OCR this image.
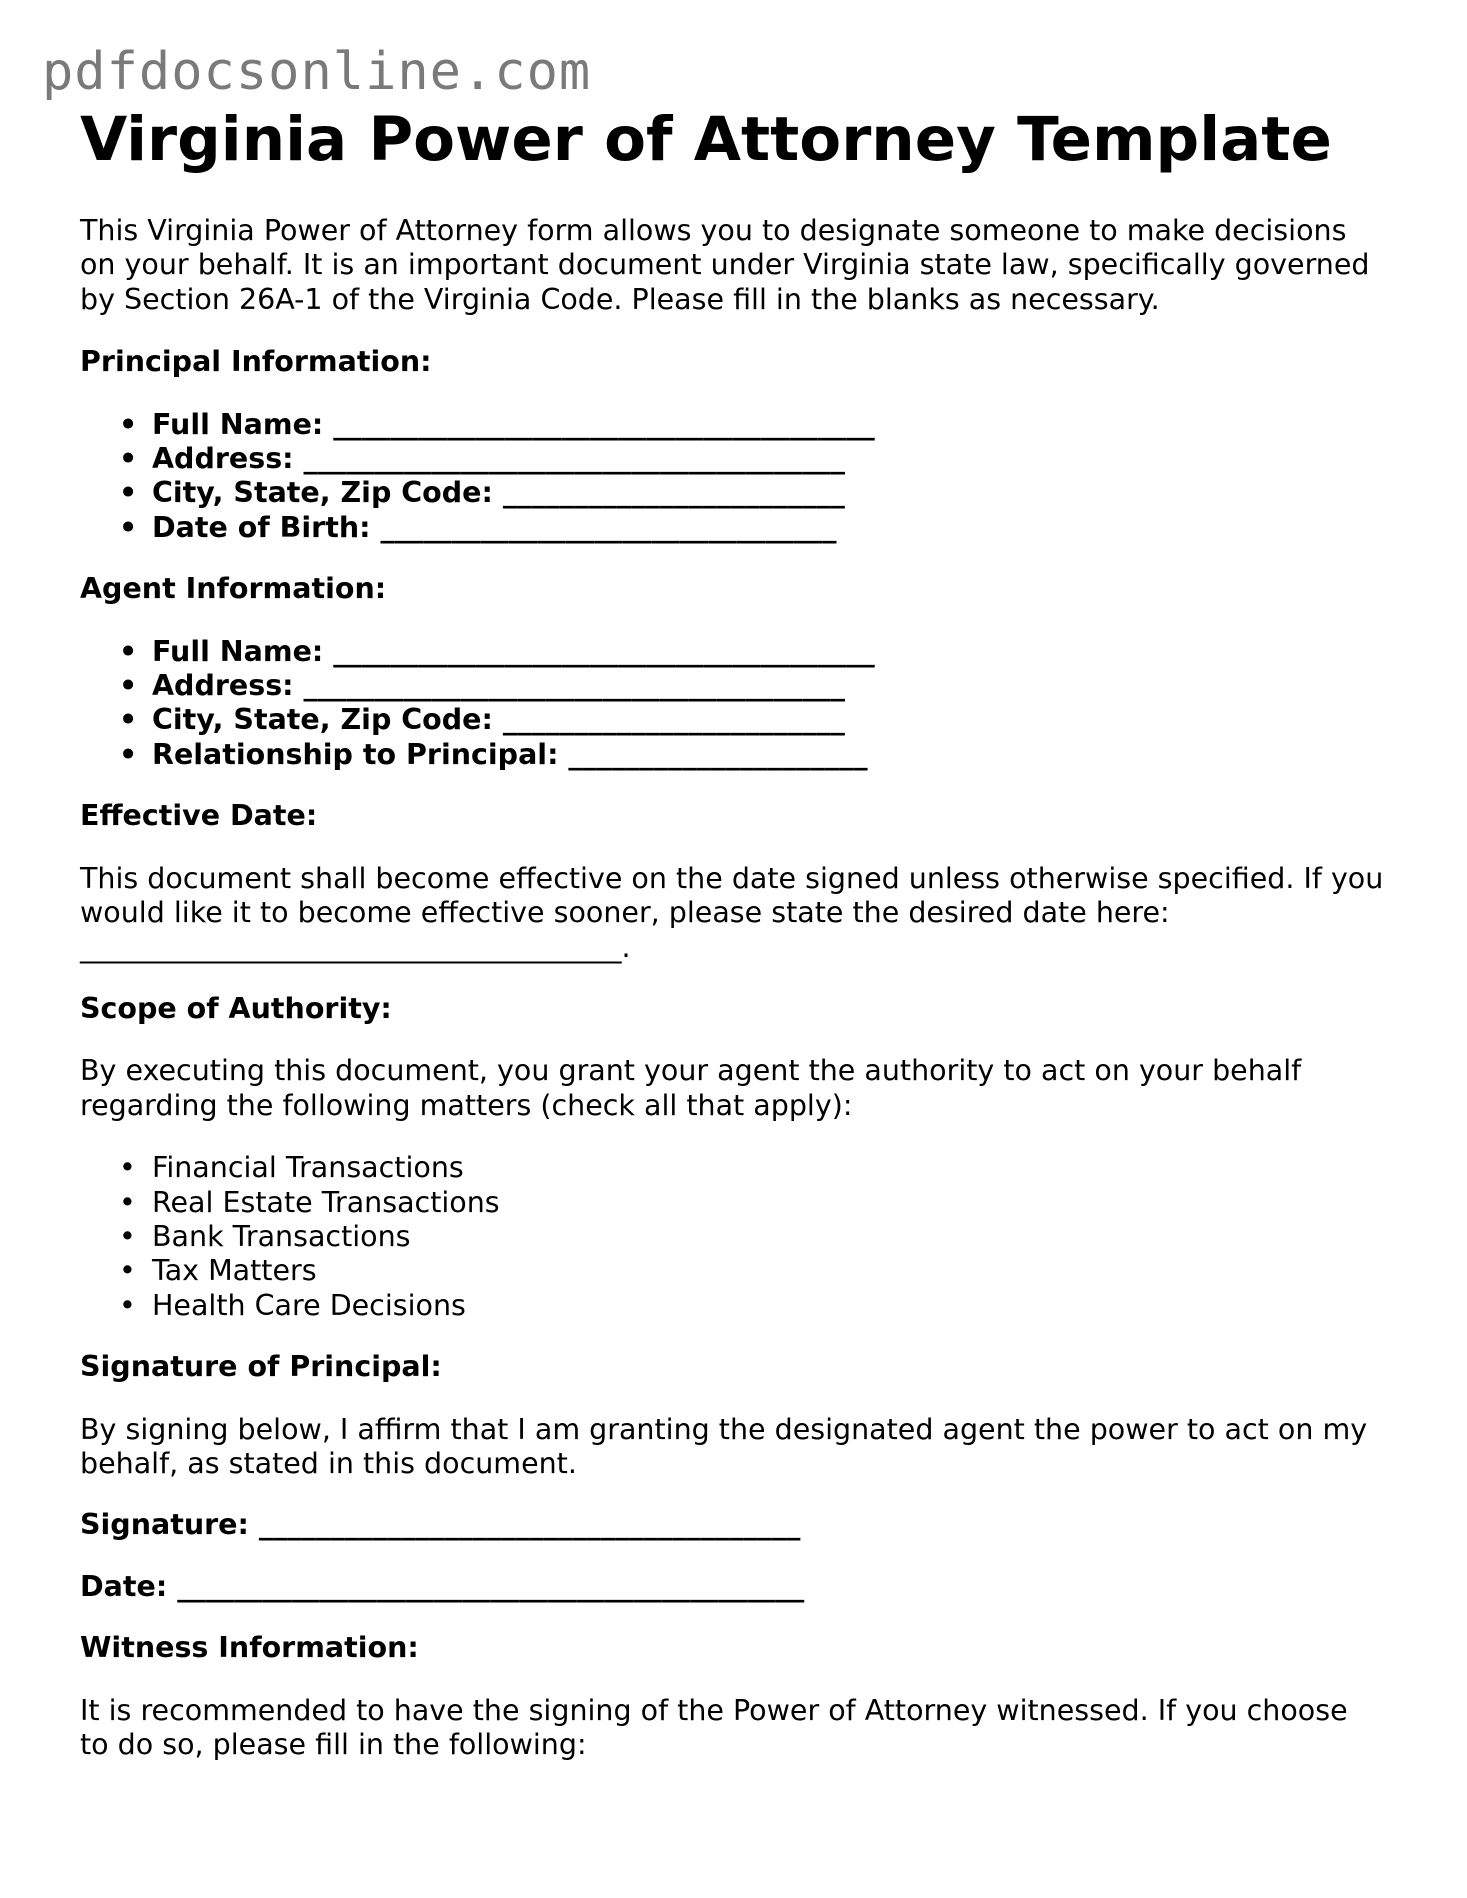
pdfdocsonline.com
Virginia Power of Attorney Template

This Virginia Power of Attorney form allows you to designate someone to make decisions
on your behalf. It is an important document under Virginia state law, specifically governed
by Section 26A-1 of the Virginia Code. Please fill in the blanks as necessary.

Principal Information:
• Full Name: ______________________________________
• Address: ______________________________________
• City, State, Zip Code: ________________________
• Date of Birth: ________________________________
Agent Information:
• Full Name: ______________________________________
• Address: ______________________________________
• City, State, Zip Code: ________________________
• Relationship to Principal: _____________________
Effective Date:

This document shall become effective on the date signed unless otherwise specified. If you
would like it to become effective sooner, please state the desired date here:
______________________________________.

Scope of Authority:

By executing this document, you grant your agent the authority to act on your behalf
regarding the following matters (check all that apply):

• Financial Transactions
• Real Estate Transactions
• Bank Transactions
• Tax Matters
• Health Care Decisions
Signature of Principal:

By signing below, I affirm that I am granting the designated agent the power to act on my
behalf, as stated in this document.

Signature: ______________________________________
Date: ____________________________________________
Witness Information:

It is recommended to have the signing of the Power of Attorney witnessed. If you choose
to do so, please fill in the following:
